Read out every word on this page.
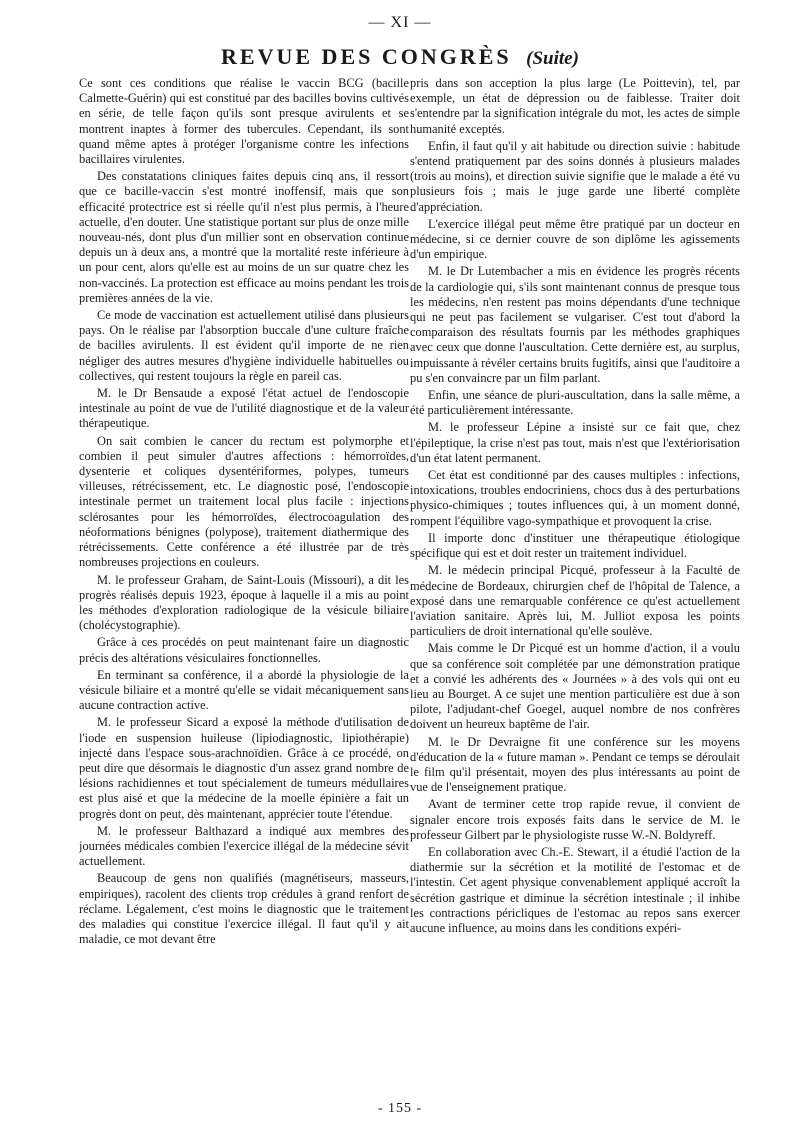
— XI —
REVUE DES CONGRÈS (Suite)

Ce sont ces conditions que réalise le vaccin BCG (bacille Calmette-Guérin) qui est constitué par des bacilles bovins cultivés en série, de telle façon qu'ils sont presque avirulents et se montrent inaptes à former des tubercules. Cependant, ils sont quand même aptes à protéger l'organisme contre les infections bacillaires virulentes.

Des constatations cliniques faites depuis cinq ans, il ressort que ce bacille-vaccin s'est montré inoffensif, mais que son efficacité protectrice est si réelle qu'il n'est plus permis, à l'heure actuelle, d'en douter. Une statistique portant sur plus de onze mille nouveau-nés, dont plus d'un millier sont en observation continue depuis un à deux ans, a montré que la mortalité reste inférieure à un pour cent, alors qu'elle est au moins de un sur quatre chez les non-vaccinés. La protection est efficace au moins pendant les trois premières années de la vie.

Ce mode de vaccination est actuellement utilisé dans plusieurs pays. On le réalise par l'absorption buccale d'une culture fraîche de bacilles avirulents. Il est évident qu'il importe de ne rien négliger des autres mesures d'hygiène individuelle habituelles ou collectives, qui restent toujours la règle en pareil cas.

M. le Dr Bensaude a exposé l'état actuel de l'endoscopie intestinale au point de vue de l'utilité diagnostique et de la valeur thérapeutique.

On sait combien le cancer du rectum est polymorphe et combien il peut simuler d'autres affections : hémorroïdes, dysenterie et coliques dysentériformes, polypes, tumeurs villeuses, rétrécissement, etc. Le diagnostic posé, l'endoscopie intestinale permet un traitement local plus facile : injections sclérosantes pour les hémorroïdes, électrocoagulation des néoformations bénignes (polypose), traitement diathermique des rétrécissements. Cette conférence a été illustrée par de très nombreuses projections en couleurs.

M. le professeur Graham, de Saint-Louis (Missouri), a dit les progrès réalisés depuis 1923, époque à laquelle il a mis au point les méthodes d'exploration radiologique de la vésicule biliaire (cholécystographie).

Grâce à ces procédés on peut maintenant faire un diagnostic précis des altérations vésiculaires fonctionnelles.

En terminant sa conférence, il a abordé la physiologie de la vésicule biliaire et a montré qu'elle se vidait mécaniquement sans aucune contraction active.

M. le professeur Sicard a exposé la méthode d'utilisation de l'iode en suspension huileuse (lipiodiagnostic, lipiothérapie) injecté dans l'espace sous-arachnoïdien. Grâce à ce procédé, on peut dire que désormais le diagnostic d'un assez grand nombre de lésions rachidiennes et tout spécialement de tumeurs médullaires est plus aisé et que la médecine de la moelle épinière a fait un progrès dont on peut, dès maintenant, apprécier toute l'étendue.

M. le professeur Balthazard a indiqué aux membres des journées médicales combien l'exercice illégal de la médecine sévit actuellement.

Beaucoup de gens non qualifiés (magnétiseurs, masseurs, empiriques), racolent des clients trop crédules à grand renfort de réclame. Légalement, c'est moins le diagnostic que le traitement des maladies qui constitue l'exercice illégal. Il faut qu'il y ait maladie, ce mot devant être

pris dans son acception la plus large (Le Poittevin), tel, par exemple, un état de dépression ou de faiblesse. Traiter doit s'entendre par la signification intégrale du mot, les actes de simple humanité exceptés.

Enfin, il faut qu'il y ait habitude ou direction suivie : habitude s'entend pratiquement par des soins donnés à plusieurs malades (trois au moins), et direction suivie signifie que le malade a été vu plusieurs fois ; mais le juge garde une liberté complète d'appréciation.

L'exercice illégal peut même être pratiqué par un docteur en médecine, si ce dernier couvre de son diplôme les agissements d'un empirique.

M. le Dr Lutembacher a mis en évidence les progrès récents de la cardiologie qui, s'ils sont maintenant connus de presque tous les médecins, n'en restent pas moins dépendants d'une technique qui ne peut pas facilement se vulgariser. C'est tout d'abord la comparaison des résultats fournis par les méthodes graphiques avec ceux que donne l'auscultation. Cette dernière est, au surplus, impuissante à révéler certains bruits fugitifs, ainsi que l'auditoire a pu s'en convaincre par un film parlant.

Enfin, une séance de pluri-auscultation, dans la salle même, a été particulièrement intéressante.

M. le professeur Lépine a insisté sur ce fait que, chez l'épileptique, la crise n'est pas tout, mais n'est que l'extériorisation d'un état latent permanent.

Cet état est conditionné par des causes multiples : infections, intoxications, troubles endocriniens, chocs dus à des perturbations physico-chimiques ; toutes influences qui, à un moment donné, rompent l'équilibre vago-sympathique et provoquent la crise.

Il importe donc d'instituer une thérapeutique étiologique spécifique qui est et doit rester un traitement individuel.

M. le médecin principal Picqué, professeur à la Faculté de médecine de Bordeaux, chirurgien chef de l'hôpital de Talence, a exposé dans une remarquable conférence ce qu'est actuellement l'aviation sanitaire. Après lui, M. Julliot exposa les points particuliers de droit international qu'elle soulève.

Mais comme le Dr Picqué est un homme d'action, il a voulu que sa conférence soit complétée par une démonstration pratique et a convié les adhérents des « Journées » à des vols qui ont eu lieu au Bourget. A ce sujet une mention particulière est due à son pilote, l'adjudant-chef Goegel, auquel nombre de nos confrères doivent un heureux baptême de l'air.

M. le Dr Devraigne fit une conférence sur les moyens d'éducation de la « future maman ». Pendant ce temps se déroulait le film qu'il présentait, moyen des plus intéressants au point de vue de l'enseignement pratique.

Avant de terminer cette trop rapide revue, il convient de signaler encore trois exposés faits dans le service de M. le professeur Gilbert par le physiologiste russe W.-N. Boldyreff.

En collaboration avec Ch.-E. Stewart, il a étudié l'action de la diathermie sur la sécrétion et la motilité de l'estomac et de l'intestin. Cet agent physique convenablement appliqué accroît la sécrétion gastrique et diminue la sécrétion intestinale ; il inhibe les contractions péricliques de l'estomac au repos sans exercer aucune influence, au moins dans les conditions expéri-

- 155 -
